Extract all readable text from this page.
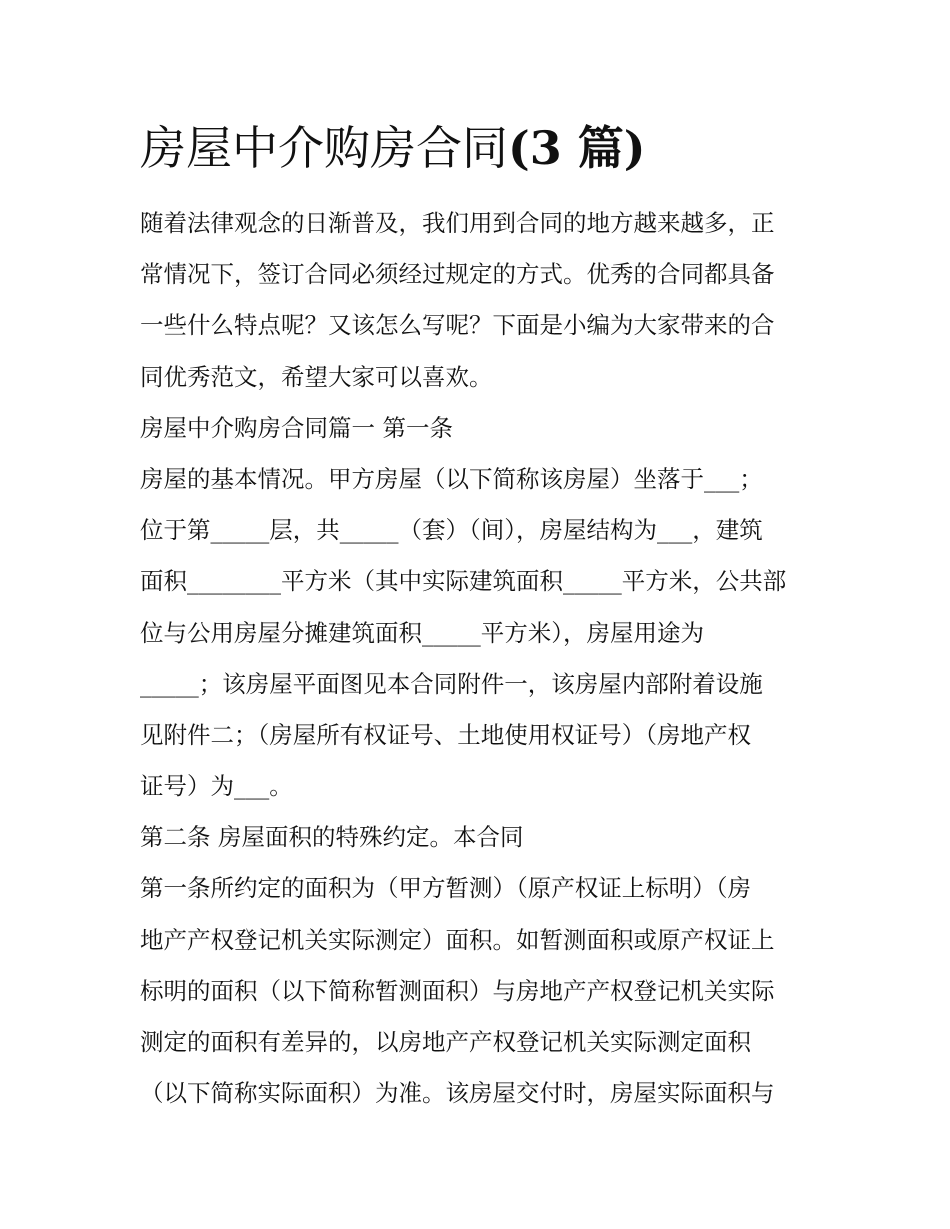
房屋中介购房合同(3 篇)

随着法律观念的日渐普及，我们用到合同的地方越来越多，正

常情况下，签订合同必须经过规定的方式。优秀的合同都具备

一些什么特点呢？又该怎么写呢？下面是小编为大家带来的合

同优秀范文，希望大家可以喜欢。

房屋中介购房合同篇一 第一条

房屋的基本情况。甲方房屋（以下简称该房屋）坐落于___；

位于第_____层，共_____（套）（间），房屋结构为___，建筑

面积________平方米（其中实际建筑面积_____平方米，公共部

位与公用房屋分摊建筑面积_____平方米），房屋用途为

_____；该房屋平面图见本合同附件一，该房屋内部附着设施

见附件二；（房屋所有权证号、土地使用权证号）（房地产权

证号）为___。

第二条 房屋面积的特殊约定。本合同

第一条所约定的面积为（甲方暂测）（原产权证上标明）（房

地产产权登记机关实际测定）面积。如暂测面积或原产权证上

标明的面积（以下简称暂测面积）与房地产产权登记机关实际

测定的面积有差异的，以房地产产权登记机关实际测定面积

（以下简称实际面积）为准。该房屋交付时，房屋实际面积与
